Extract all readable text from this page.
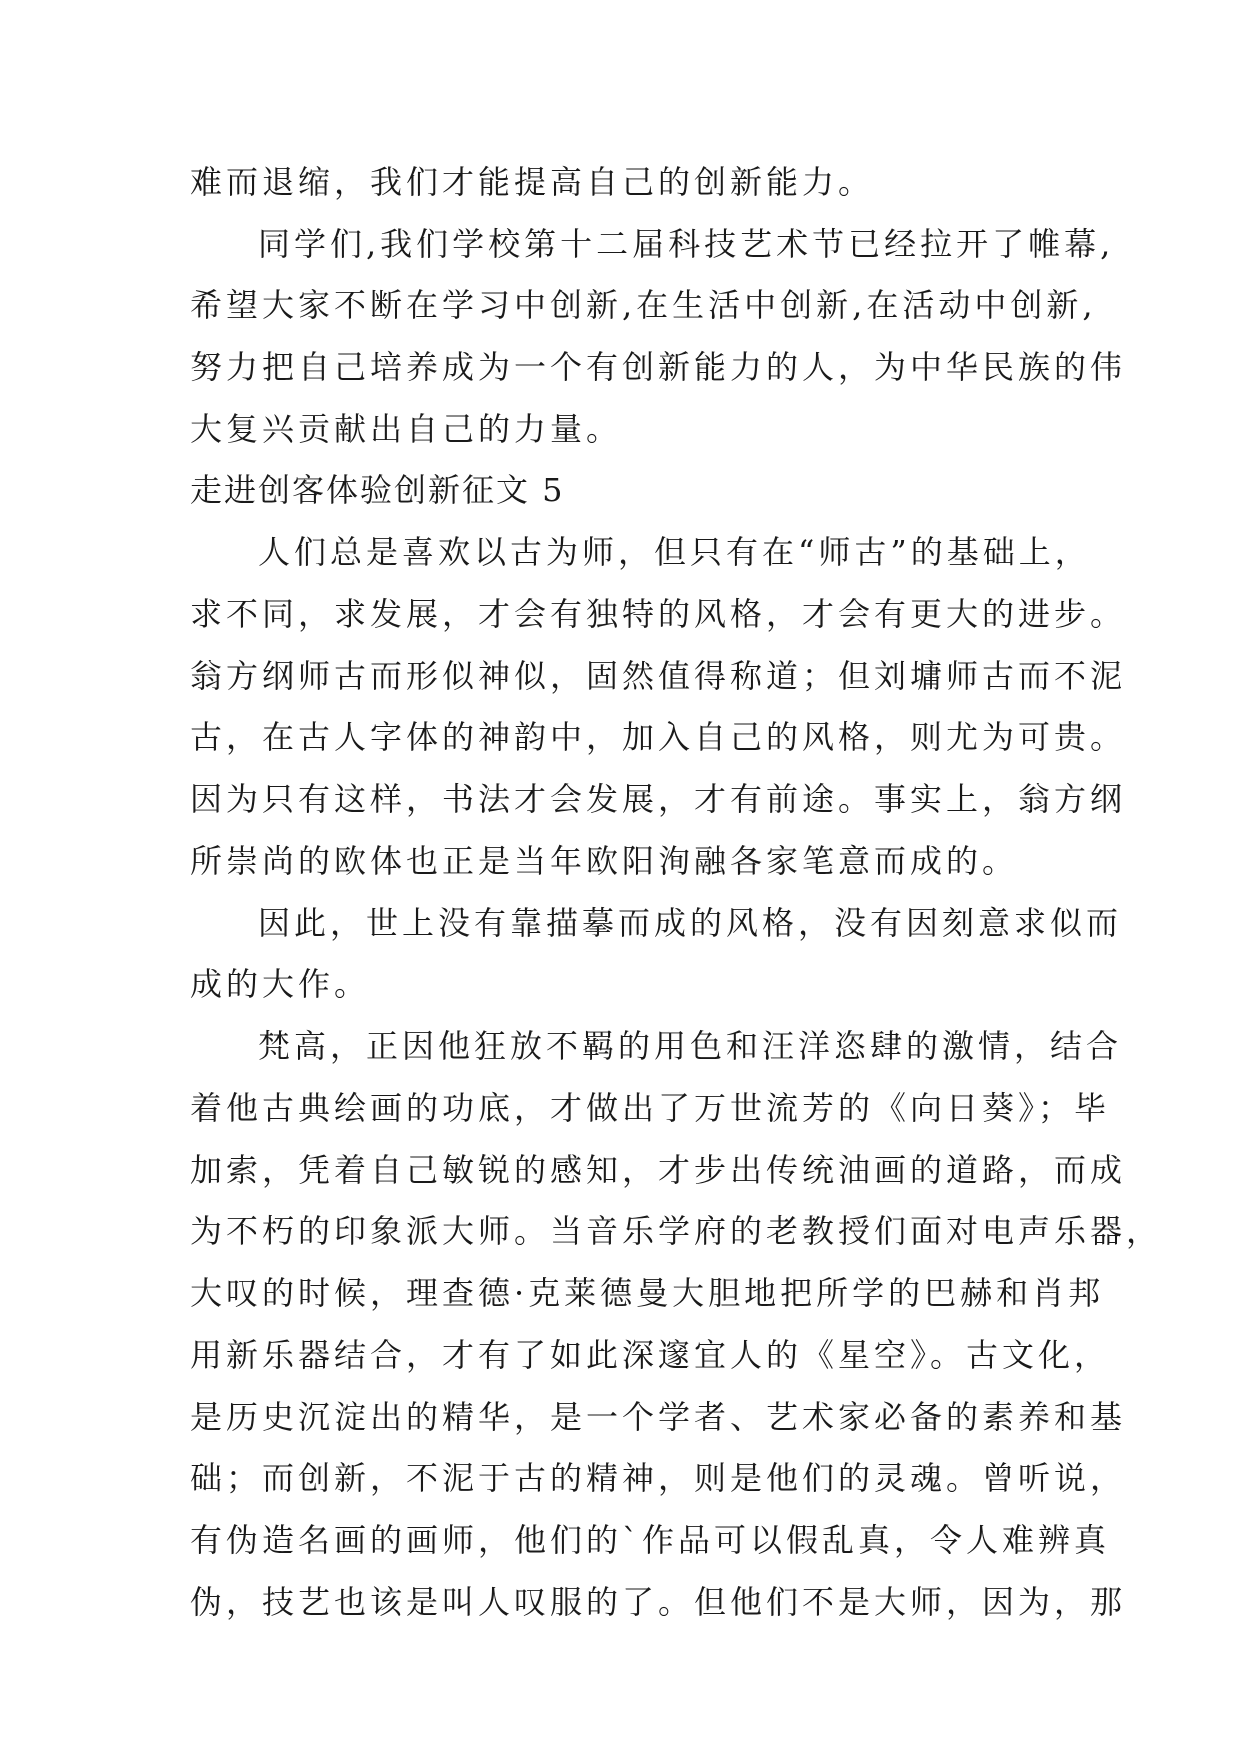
难而退缩，我们才能提高自己的创新能力。
同学们,我们学校第十二届科技艺术节已经拉开了帷幕,
希望大家不断在学习中创新,在生活中创新,在活动中创新,
努力把自己培养成为一个有创新能力的人，为中华民族的伟
大复兴贡献出自己的力量。
走进创客体验创新征文 5
人们总是喜欢以古为师，但只有在“师古”的基础上，
求不同，求发展，才会有独特的风格，才会有更大的进步。
翁方纲师古而形似神似，固然值得称道；但刘墉师古而不泥
古，在古人字体的神韵中，加入自己的风格，则尤为可贵。
因为只有这样，书法才会发展，才有前途。事实上，翁方纲
所崇尚的欧体也正是当年欧阳洵融各家笔意而成的。
因此，世上没有靠描摹而成的风格，没有因刻意求似而
成的大作。
梵高，正因他狂放不羁的用色和汪洋恣肆的激情，结合
着他古典绘画的功底，才做出了万世流芳的《向日葵》；毕
加索，凭着自己敏锐的感知，才步出传统油画的道路，而成
为不朽的印象派大师。当音乐学府的老教授们面对电声乐器，
大叹的时候，理查德·克莱德曼大胆地把所学的巴赫和肖邦
用新乐器结合，才有了如此深邃宜人的《星空》。古文化，
是历史沉淀出的精华，是一个学者、艺术家必备的素养和基
础；而创新，不泥于古的精神，则是他们的灵魂。曾听说，
有伪造名画的画师，他们的`作品可以假乱真，令人难辨真
伪，技艺也该是叫人叹服的了。但他们不是大师，因为，那
